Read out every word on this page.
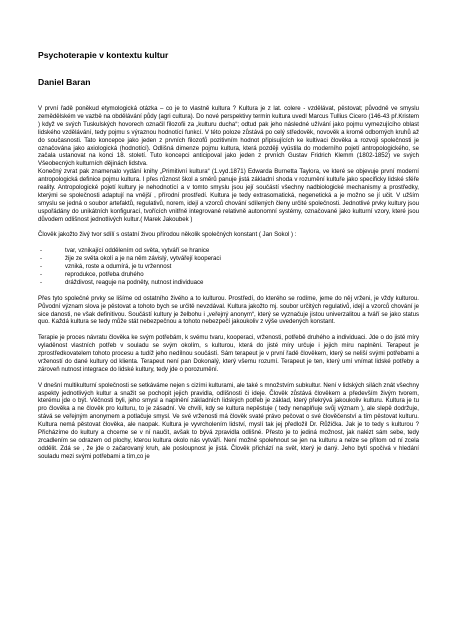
Psychoterapie v kontextu kultur
Daniel Baran

V první řadě poněkud etymologická otázka – co je to vlastně kultura ? Kultura je z lat. colere - vzdělávat, pěstovat; původně ve smyslu zemědělském ve vazbě na obdělávání půdy (agri cultura). Do nové perspektivy termín kultura uvedl Marcus Tullius Cicero (146-43 př.Kristem ) když ve svých Tuskulských hovorech označil filozofii za „kulturu ducha“; odtud pak jeho následné užívání jako pojmu vymezujícího oblast lidského vzdělávání, tedy pojmu s výraznou hodnotící funkcí. V této poloze zůstává po celý středověk, novověk a kromě odborných kruhů až do současnosti. Tato koncepce jako jeden z prvních filozofů pozitivním hodnot připisujících ke kultivaci člověka a rozvoji společnosti je označována jako axiologická (hodnotící). Odlišná dimenze pojmu kultura, která později vyústila do moderního pojetí antropologického, se začala ustanovat na konci 18. století. Tuto koncepci anticipoval jako jeden z prvních Gustav Fridrich Klemm (1802-1852) ve svých Všeobecných kulturních dějinách lidstva.

Konečný zvrat pak znamenalo vydání knihy „Primitivní kultura“ (1.vyd.1871) Edwarda Burnetta Taylora, ve které se objevuje první moderní antropologická definice pojmu kultura. I přes různost škol a směrů panuje jistá základní shoda v rozumění kultuře jako specificky lidské sféře reality. Antropologické pojetí kultury je nehodnotící a v tomto smyslu jsou její součástí všechny nadbiologické mechanismy a prostředky, kterými se společnosti adaptují na vnější , přírodní prostředí. Kultura je tedy extrasomatická, negenetická a je možno se jí učit. V užším smyslu se jedná o soubor artefaktů, regulativů, norem, idejí a vzorců chování sdílených členy určité společnosti. Jednotlivé prvky kultury jsou uspořádány do unikátních konfigurací, tvořících vnitřně integrované relativně autonomní systémy, označované jako kulturní vzory, které jsou důvodem odlišnost jednotlivých kultur.( Marek Jakoubek )

Člověk jakožto živý tvor sdílí s ostatní živou přírodou několik společných konstant ( Jan Sokol ) :

-	tvar, vznikající oddělením od světa, vytváří se hranice
-	žije ze světa okolí a je na něm závislý, vytvářejí kooperaci
-	vzniká, roste a odumírá, je tu vržennost
-	reprodukce, potřeba druhého
-	dráždivost, reaguje na podněty, nutnost individuace

Přes tyto společné prvky se lišíme od ostatního živého a to kulturou. Prostředí, do kterého se rodíme, jeme do něj vrženi, je vždy kulturou. Původní význam slova je pěstovat a tohoto bych se určitě nevzdával. Kultura jakožto mj. soubor určitých regulativů, idejí a vzorců chování je sice danosti, ne však definitivou. Součástí kultury je želbohu i „veřejný anonym“, který se vyznačuje jistou univerzalitou a tváří se jako status quo. Každá kultura se tedy může stát nebezpečnou a tohoto nebezpečí jakoukoliv z výše uvedených konstant.

Terapie je proces návratu člověka ke svým potřebám, k svému tvaru, kooperaci, vrženosti, potřebě druhého a individuaci. Jde o do jisté míry vyladěnost vlastních potřeb v souladu se svým okolím, s kulturou, která do jisté míry určuje i jejich míru naplnění. Terapeut je zprostředkovatelem tohoto procesu a tudíž jeho nedílnou součástí. Sám terapeut je v první řadě člověkem, který se neliší svými potřebami a vržeností do dané kultury od klienta. Terapeut není pan Dokonalý, který všemu rozumí. Terapeut je ten, který umí vnímat lidské potřeby a zároveň nutnost integrace do lidské kultury, tedy jde o porozumění.

V dnešní multikulturní společnosti se setkáváme nejen s cizími kulturami, ale také s množstvím subkultur. Není v lidských silách znát všechny aspekty jednotlivých kultur a snažit se pochopit jejich pravidla, odlišnosti či ideje. Člověk zůstává člověkem a především živým tvorem, kterému jde o být. Věčnosti byli, jeho smysl a naplnění základních lidských potřeb je základ, který překrývá jakoukoliv kulturu. Kultura je tu pro člověka a ne člověk pro kulturu, to je zásadní. Ve chvíli, kdy se kultura nepěstuje ( tedy nenaplňuje svůj význam ), ale slepě dodržuje, stává se veřejným anonymem a potlačuje smysl. Ve své vrženosti má člověk svaté právo pečovat o své člověčenství a tím pěstovat kulturu. Kultura nemá pěstovat člověka, ale naopak. Kultura je vyvrcholením lidství, myslí tak jej předložil Dr. Růžička. Jak je to tedy s kulturou ? Přicházíme do kultury a chceme se v ní naučit, avšak to bývá zpravidla odlišné. Přesto je to jediná možnost, jak nalézt sám sebe, tedy zrcadlením se odrazem od plochy, kterou kultura okolo nás vytváří. Není možné spolehnout se jen na kulturu a nelze se přitom od ní zcela oddělit. Zdá se , že jde o začarovaný kruh, ale posloupnost je jistá. Člověk přichází na svět, který je daný. Jeho bytí spočívá v hledání souladu mezi svými potřebami a tím,co je
